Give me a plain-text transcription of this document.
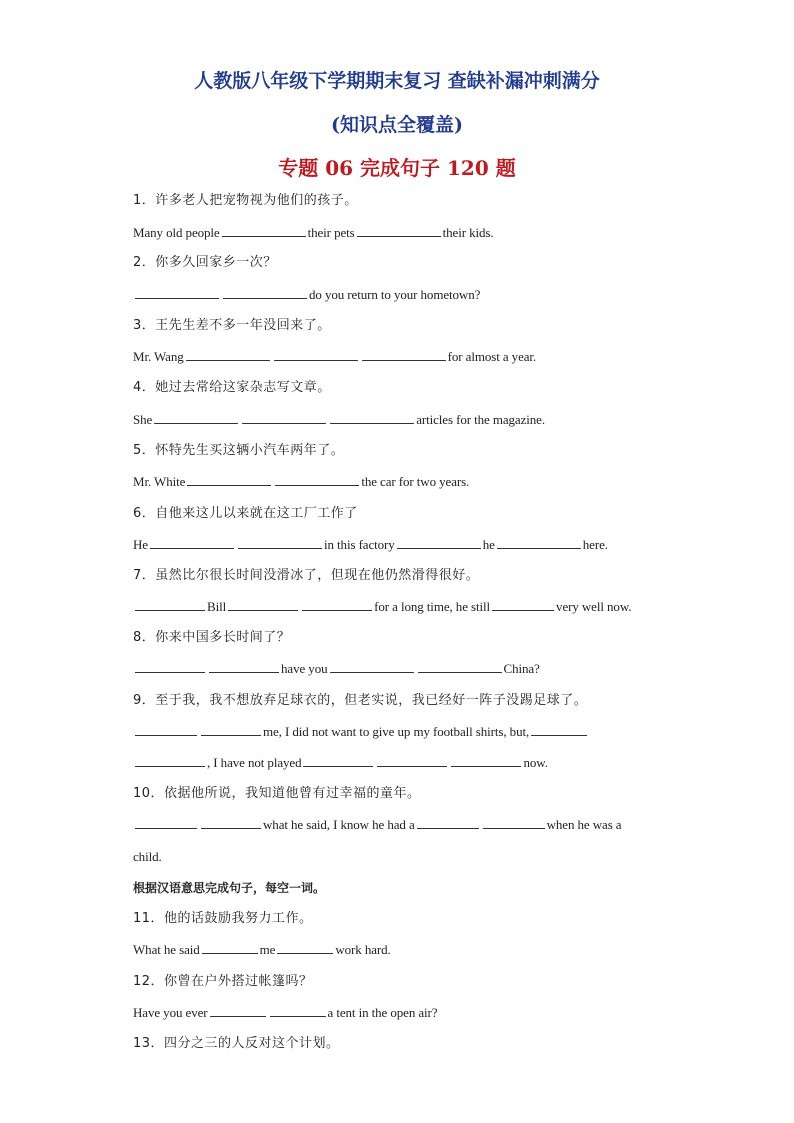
人教版八年级下学期期末复习 查缺补漏冲刺满分
(知识点全覆盖)
专题 06 完成句子 120 题
1．许多老人把宠物视为他们的孩子。
Many old people	their pets	their kids.
2．你多久回家乡一次？
do you return to your hometown?
3．王先生差不多一年没回来了。
Mr. Wang	for almost a year.
4．她过去常给这家杂志写文章。
She	articles for the magazine.
5．怀特先生买这辆小汽车两年了。
Mr. White	the car for two years.
6．自他来这儿以来就在这工厂工作了
He	in this factory	he	here.
7．虽然比尔很长时间没滑冰了，但现在他仍然滑得很好。
Bill	for a long time, he still	very well now.
8．你来中国多长时间了？
have you	China?
9．至于我，我不想放弃足球衣的，但老实说，我已经好一阵子没踢足球了。
me, I did not want to give up my football shirts, but,
, I have not played	now.
10．依据他所说，我知道他曾有过幸福的童年。
what he said, I know he had a	when he was a
child.
根据汉语意思完成句子，每空一词。
11．他的话鼓励我努力工作。
What he said	me	work hard.
12．你曾在户外搭过帐篷吗？
Have you ever	a tent in the open air?
13．四分之三的人反对这个计划。
